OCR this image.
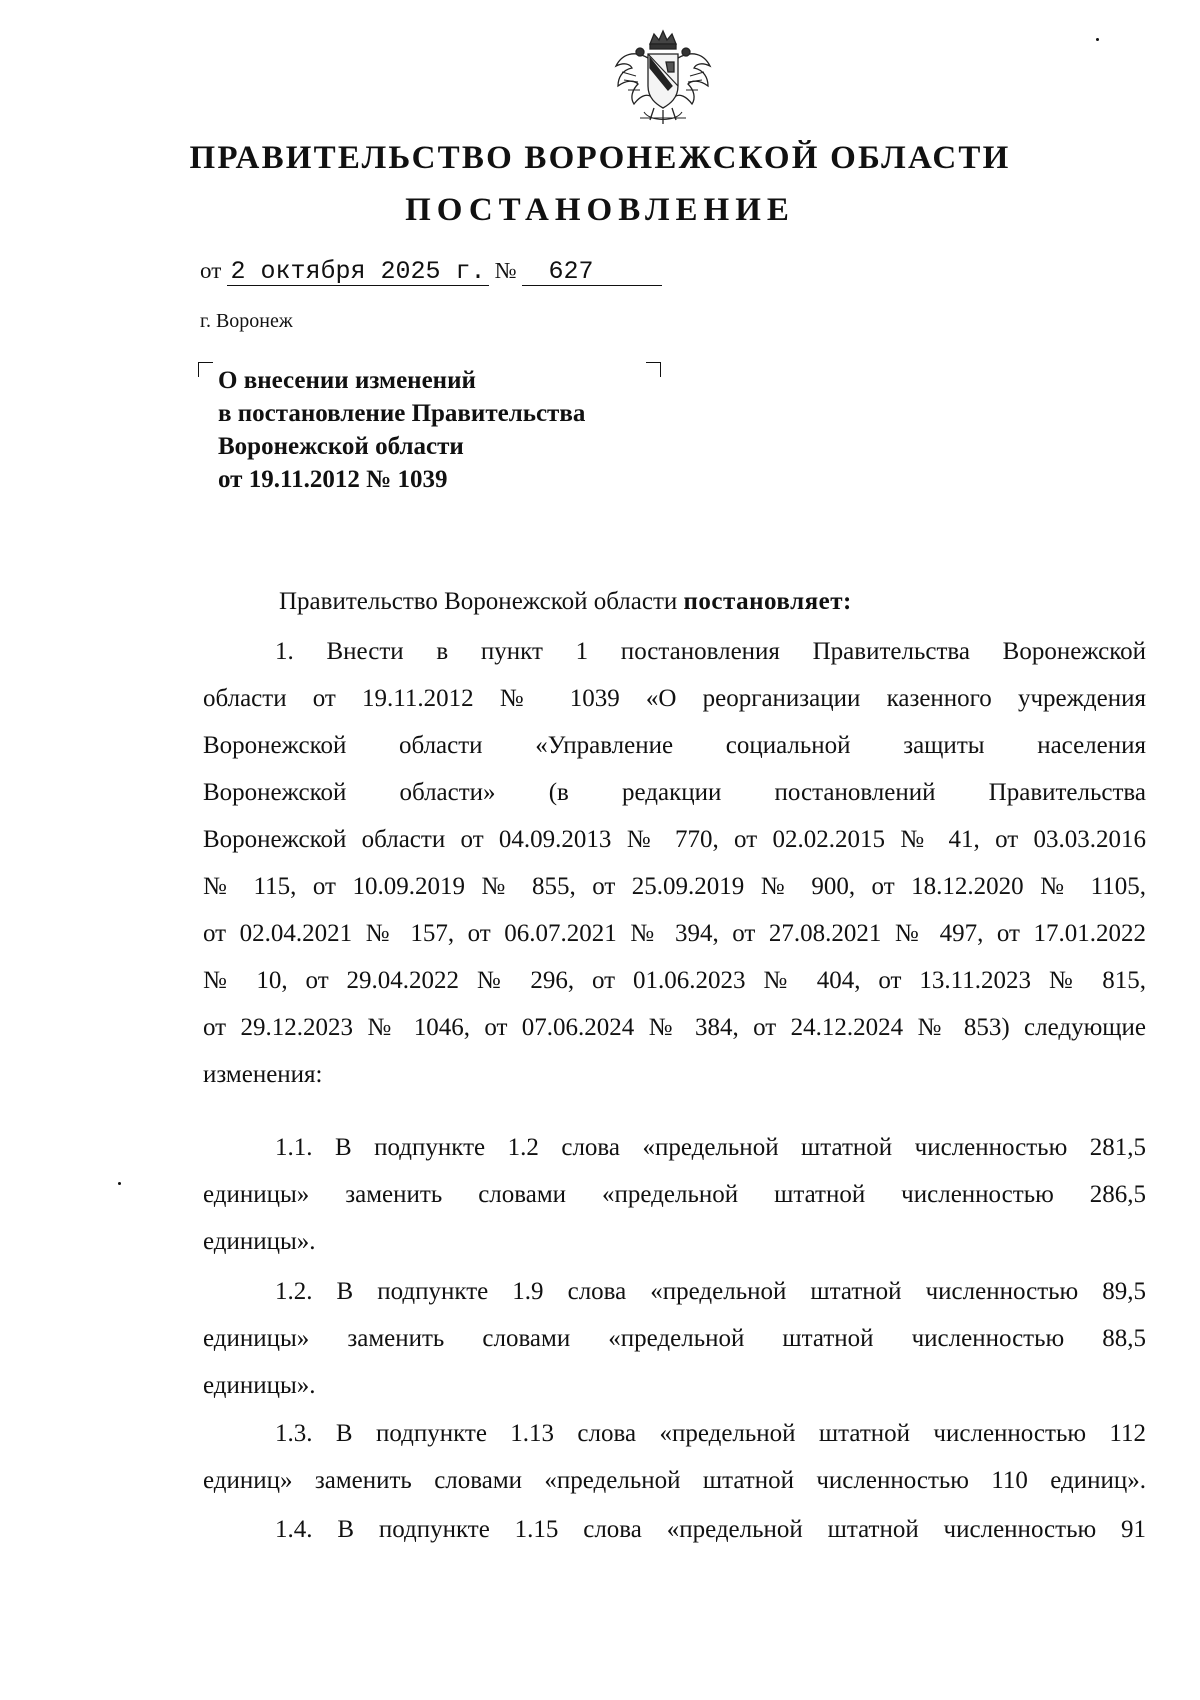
ПРАВИТЕЛЬСТВО ВОРОНЕЖСКОЙ ОБЛАСТИ
ПОСТАНОВЛЕНИЕ
от 2 октября 2025 г. № 627
г. Воронеж
О внесении изменений
в постановление Правительства
Воронежской области
от 19.11.2012 № 1039
Правительство Воронежской области постановляет:
1. Внести в пункт 1 постановления Правительства Воронежской
области от 19.11.2012 № 1039 «О реорганизации казенного учреждения
Воронежской области «Управление социальной защиты населения
Воронежской области» (в редакции постановлений Правительства
Воронежской области от 04.09.2013 № 770, от 02.02.2015 № 41, от 03.03.2016
№ 115, от 10.09.2019 № 855, от 25.09.2019 № 900, от 18.12.2020 № 1105,
от 02.04.2021 № 157, от 06.07.2021 № 394, от 27.08.2021 № 497, от 17.01.2022
№ 10, от 29.04.2022 № 296, от 01.06.2023 № 404, от 13.11.2023 № 815,
от 29.12.2023 № 1046, от 07.06.2024 № 384, от 24.12.2024 № 853) следующие
изменения:
1.1. В подпункте 1.2 слова «предельной штатной численностью 281,5
единицы» заменить словами «предельной штатной численностью 286,5
единицы».
1.2. В подпункте 1.9 слова «предельной штатной численностью 89,5
единицы» заменить словами «предельной штатной численностью 88,5
единицы».
1.3. В подпункте 1.13 слова «предельной штатной численностью 112
единиц» заменить словами «предельной штатной численностью 110 единиц».
1.4. В подпункте 1.15 слова «предельной штатной численностью 91
